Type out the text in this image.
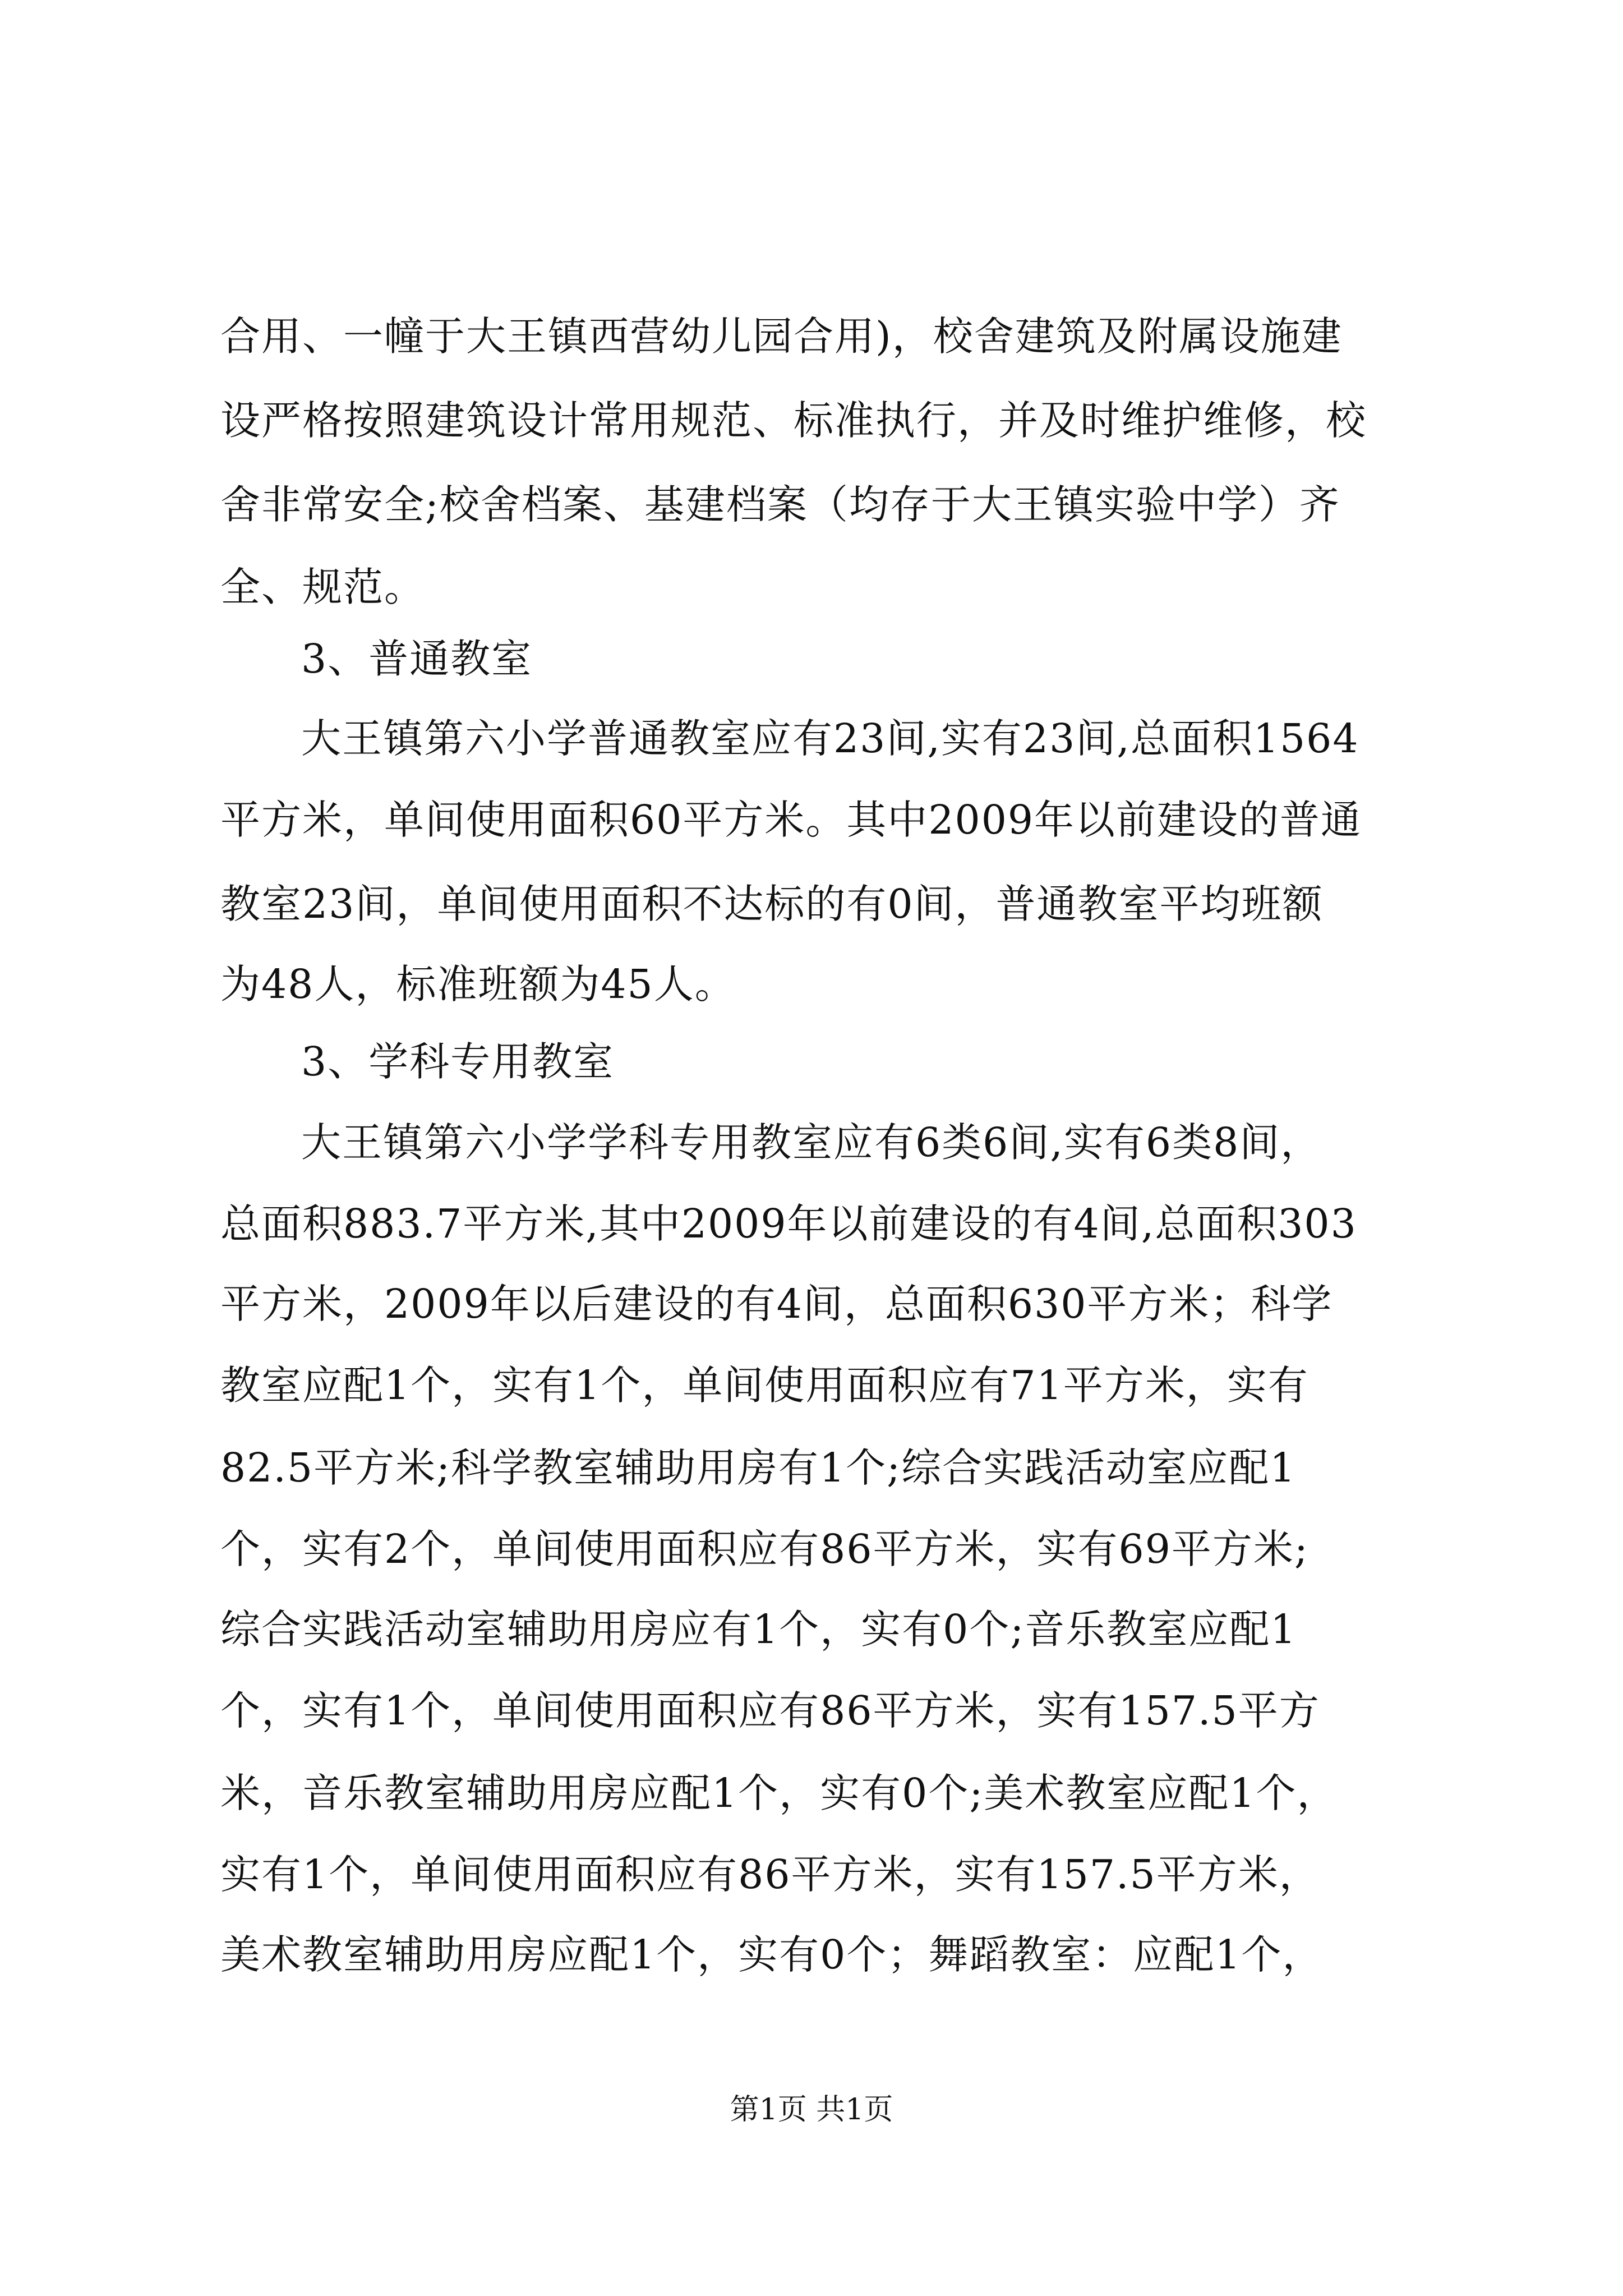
合用、一幢于大王镇西营幼儿园合用)，校舍建筑及附属设施建
设严格按照建筑设计常用规范、标准执行，并及时维护维修，校
舍非常安全;校舍档案、基建档案（均存于大王镇实验中学）齐
全、规范。
3、普通教室
大王镇第六小学普通教室应有23间,实有23间,总面积1564
平方米，单间使用面积60平方米。其中2009年以前建设的普通
教室23间，单间使用面积不达标的有0间，普通教室平均班额
为48人，标准班额为45人。
3、学科专用教室
大王镇第六小学学科专用教室应有6类6间,实有6类8间，
总面积883.7平方米,其中2009年以前建设的有4间,总面积303
平方米，2009年以后建设的有4间，总面积630平方米；科学
教室应配1个，实有1个，单间使用面积应有71平方米，实有
82.5平方米;科学教室辅助用房有1个;综合实践活动室应配1
个，实有2个，单间使用面积应有86平方米，实有69平方米;
综合实践活动室辅助用房应有1个，实有0个;音乐教室应配1
个，实有1个，单间使用面积应有86平方米，实有157.5平方
米，音乐教室辅助用房应配1个，实有0个;美术教室应配1个，
实有1个，单间使用面积应有86平方米，实有157.5平方米，
美术教室辅助用房应配1个，实有0个；舞蹈教室：应配1个，
第1页 共1页
